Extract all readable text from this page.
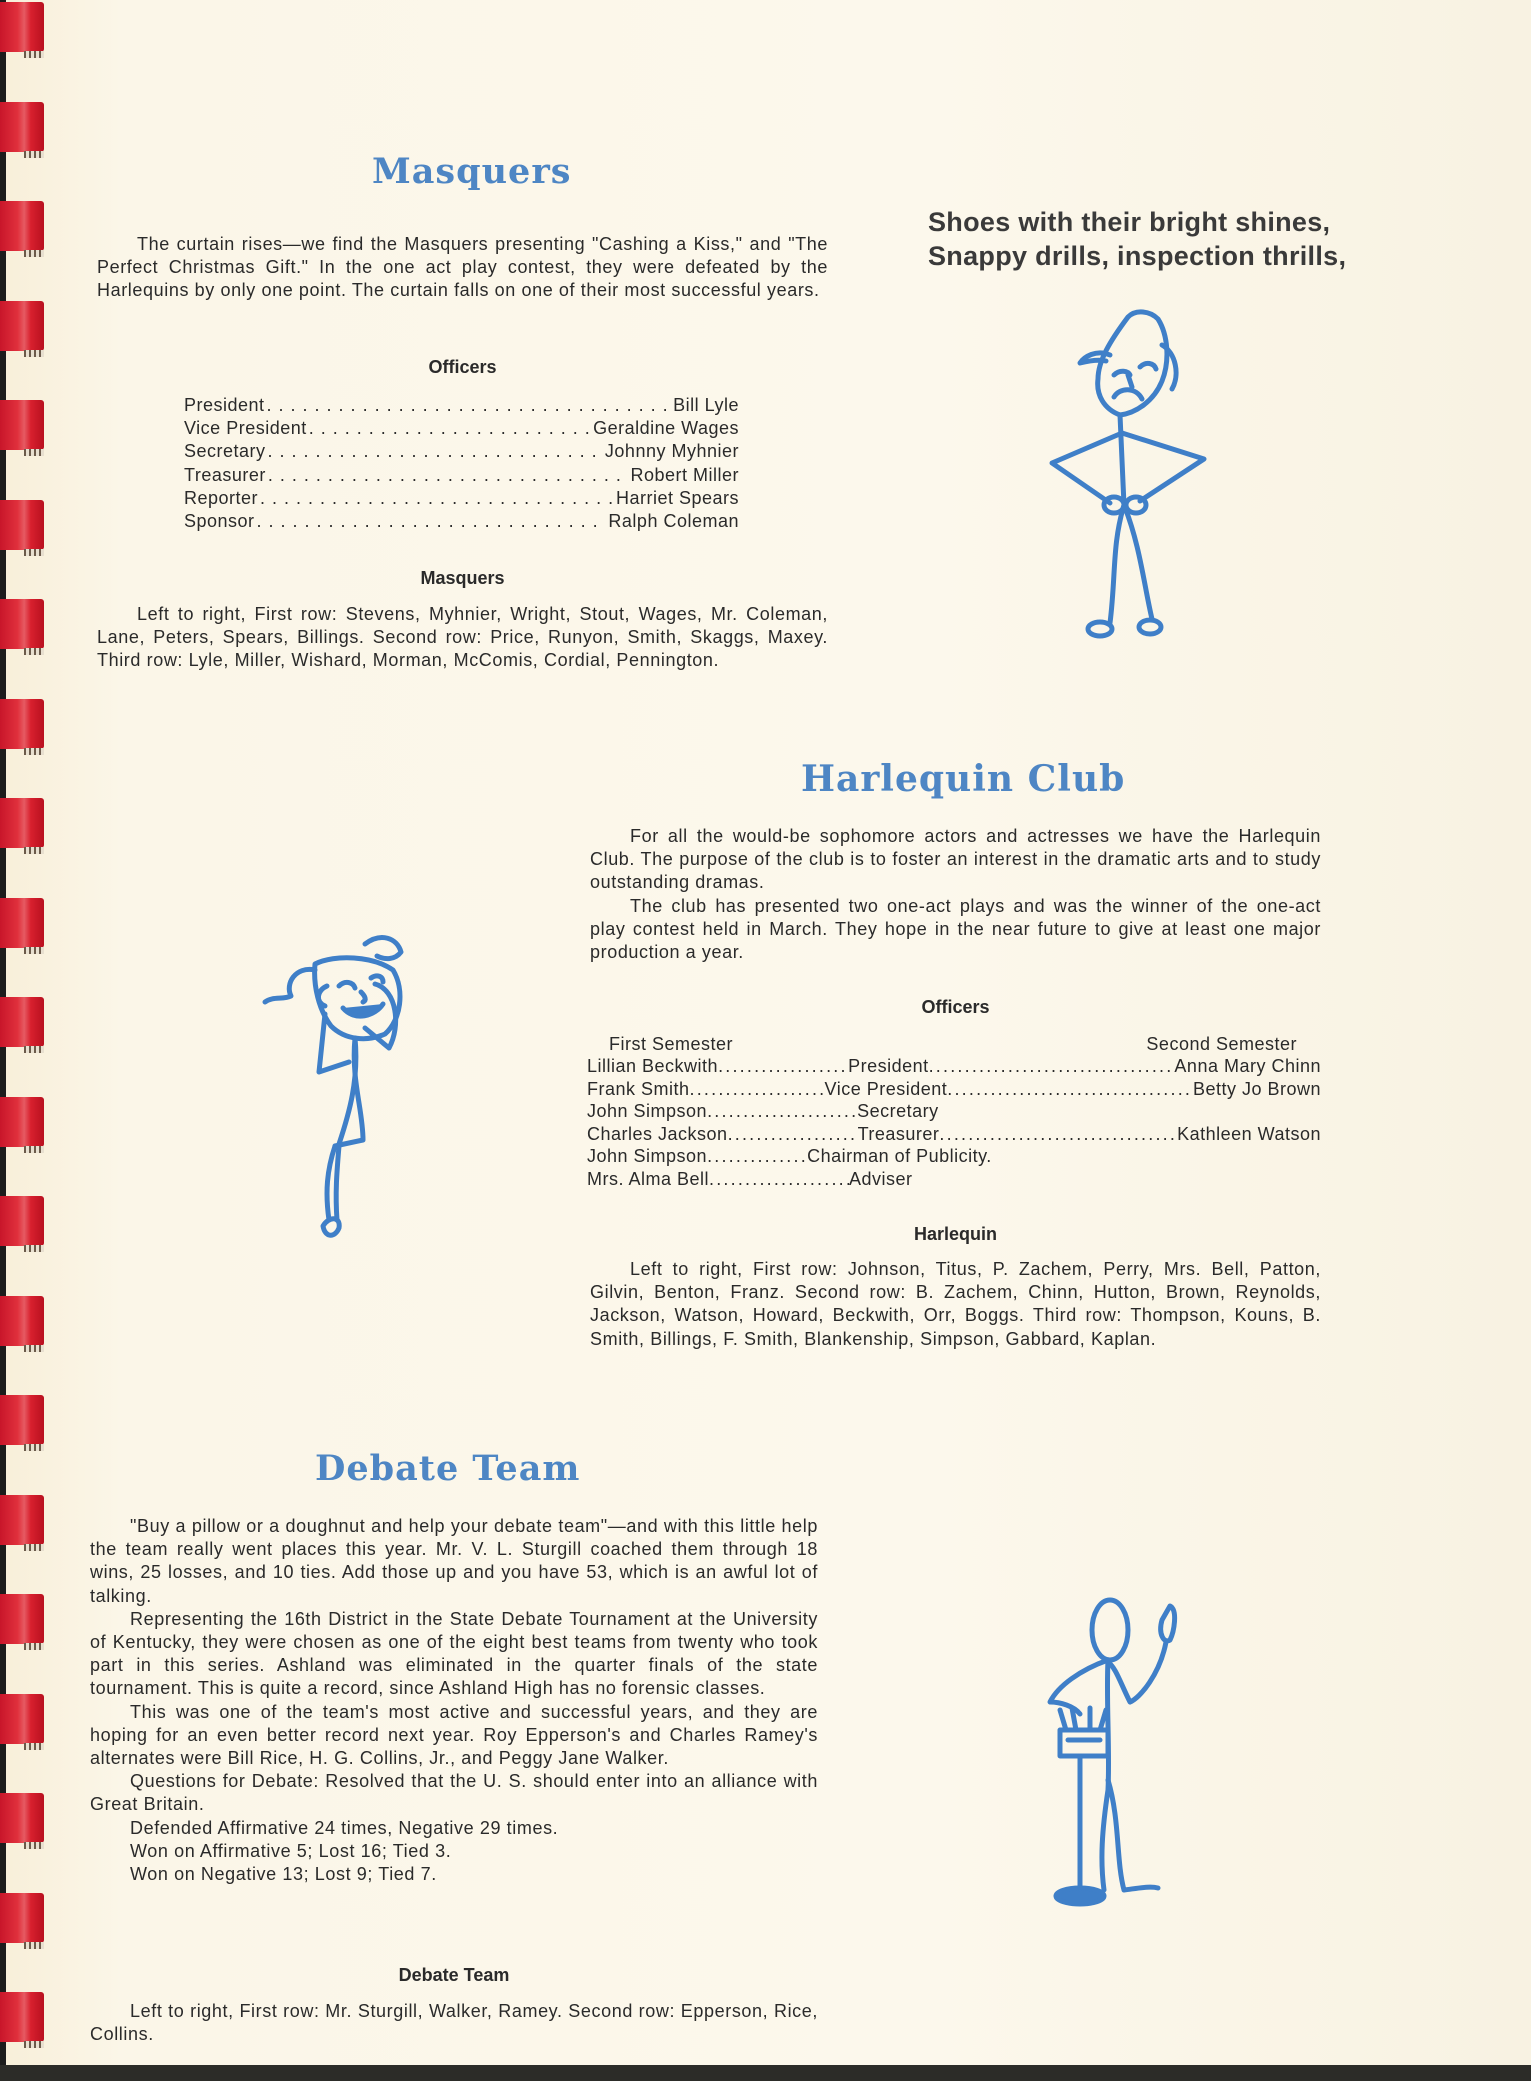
Masquers

The curtain rises—we find the Masquers presenting "Cashing a Kiss," and "The Perfect Christmas Gift." In the one act play contest, they were defeated by the Harlequins by only one point. The curtain falls on one of their most successful years.

Officers
President . . .	Bill Lyle
Vice President . . .	Geraldine Wages
Secretary . . .	Johnny Myhnier
Treasurer . . .	Robert Miller
Reporter . . .	Harriet Spears
Sponsor . . .	Ralph Coleman
Masquers

Left to right, First row: Stevens, Myhnier, Wright, Stout, Wages, Mr. Coleman, Lane, Peters, Spears, Billings. Second row: Price, Runyon, Smith, Skaggs, Maxey. Third row: Lyle, Miller, Wishard, Morman, McComis, Cordial, Pennington.

Shoes with their bright shines,
Snappy drills, inspection thrills,
Harlequin Club

For all the would-be sophomore actors and actresses we have the Harlequin Club. The purpose of the club is to foster an interest in the dramatic arts and to study outstanding dramas.

The club has presented two one-act plays and was the winner of the one-act play contest held in March. They hope in the near future to give at least one major production a year.

Officers
First Semester	Second Semester
Lillian Beckwith .....	President .....	Anna Mary Chinn
Frank Smith .....	Vice President .....	Betty Jo Brown
John Simpson .....	Secretary
Charles Jackson .....	Treasurer .....	Kathleen Watson
John Simpson .....	Chairman of Publicity.
Mrs. Alma Bell .....	Adviser
Harlequin

Left to right, First row: Johnson, Titus, P. Zachem, Perry, Mrs. Bell, Patton, Gilvin, Benton, Franz. Second row: B. Zachem, Chinn, Hutton, Brown, Reynolds, Jackson, Watson, Howard, Beckwith, Orr, Boggs. Third row: Thompson, Kouns, B. Smith, Billings, F. Smith, Blankenship, Simpson, Gabbard, Kaplan.

Debate Team

"Buy a pillow or a doughnut and help your debate team"—and with this little help the team really went places this year. Mr. V. L. Sturgill coached them through 18 wins, 25 losses, and 10 ties. Add those up and you have 53, which is an awful lot of talking.

Representing the 16th District in the State Debate Tournament at the University of Kentucky, they were chosen as one of the eight best teams from twenty who took part in this series. Ashland was eliminated in the quarter finals of the state tournament. This is quite a record, since Ashland High has no forensic classes.

This was one of the team's most active and successful years, and they are hoping for an even better record next year. Roy Epperson's and Charles Ramey's alternates were Bill Rice, H. G. Collins, Jr., and Peggy Jane Walker.

Questions for Debate: Resolved that the U. S. should enter into an alliance with Great Britain.

Defended Affirmative 24 times, Negative 29 times.

Won on Affirmative 5; Lost 16; Tied 3.

Won on Negative 13; Lost 9; Tied 7.

Debate Team

Left to right, First row: Mr. Sturgill, Walker, Ramey. Second row: Epperson, Rice, Collins.
